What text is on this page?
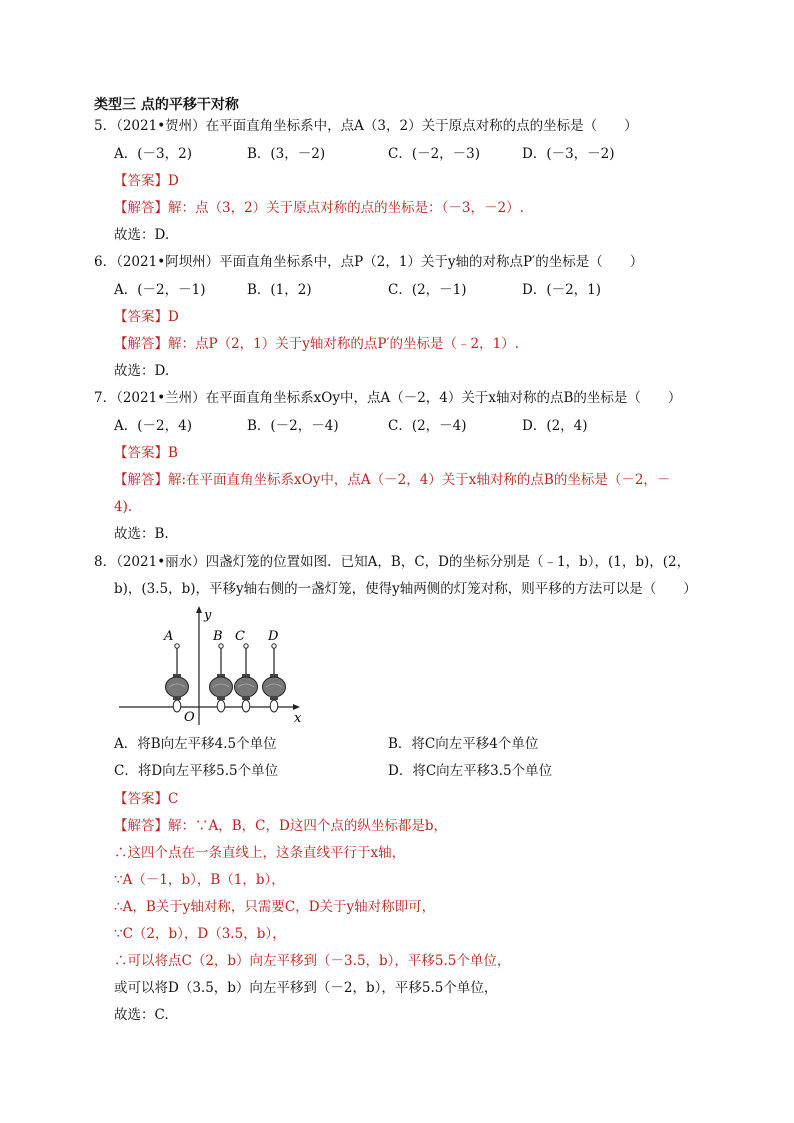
类型三 点的平移干对称
5．（2021•贺州）在平面直角坐标系中，点A（3，2）关于原点对称的点的坐标是（　　）
A．(－3，2)	B．(3，－2)	C．(－2，－3)	D．(－3，－2)
【答案】D
【解答】解：点（3，2）关于原点对称的点的坐标是：（－3，－2）.
故选：D.
6．（2021•阿坝州）平面直角坐标系中，点P（2，1）关于y轴的对称点P′的坐标是（　　）
A．(－2，－1)	B．(1，2)	C．(2，－1)	D．(－2，1)
【答案】D
【解答】解：点P（2，1）关于y轴对称的点P′的坐标是（﹣2，1）.
故选：D.
7．（2021•兰州）在平面直角坐标系xOy中，点A（－2，4）关于x轴对称的点B的坐标是（　　）
A．(－2，4)	B．(－2，－4)	C．(2，－4)	D．(2，4)
【答案】B
【解答】解:在平面直角坐标系xOy中，点A（－2，4）关于x轴对称的点B的坐标是（－2，－
4).
故选：B.
8．（2021•丽水）四盏灯笼的位置如图．已知A，B，C，D的坐标分别是（﹣1，b），(1，b)，(2，
b)，(3.5，b)，平移y轴右侧的一盏灯笼，使得y轴两侧的灯笼对称，则平移的方法可以是（　　）
y
x
O
A	B C D
A．将B向左平移4.5个单位	B．将C向左平移4个单位
C．将D向左平移5.5个单位	D．将C向左平移3.5个单位
【答案】C
【解答】解：∵A，B，C，D这四个点的纵坐标都是b，
∴这四个点在一条直线上，这条直线平行于x轴，
∵A（－1，b），B（1，b），
∴A，B关于y轴对称，只需要C，D关于y轴对称即可，
∵C（2，b），D（3.5，b），
∴可以将点C（2，b）向左平移到（－3.5，b），平移5.5个单位，
或可以将D（3.5，b）向左平移到（－2，b），平移5.5个单位，
故选：C.
